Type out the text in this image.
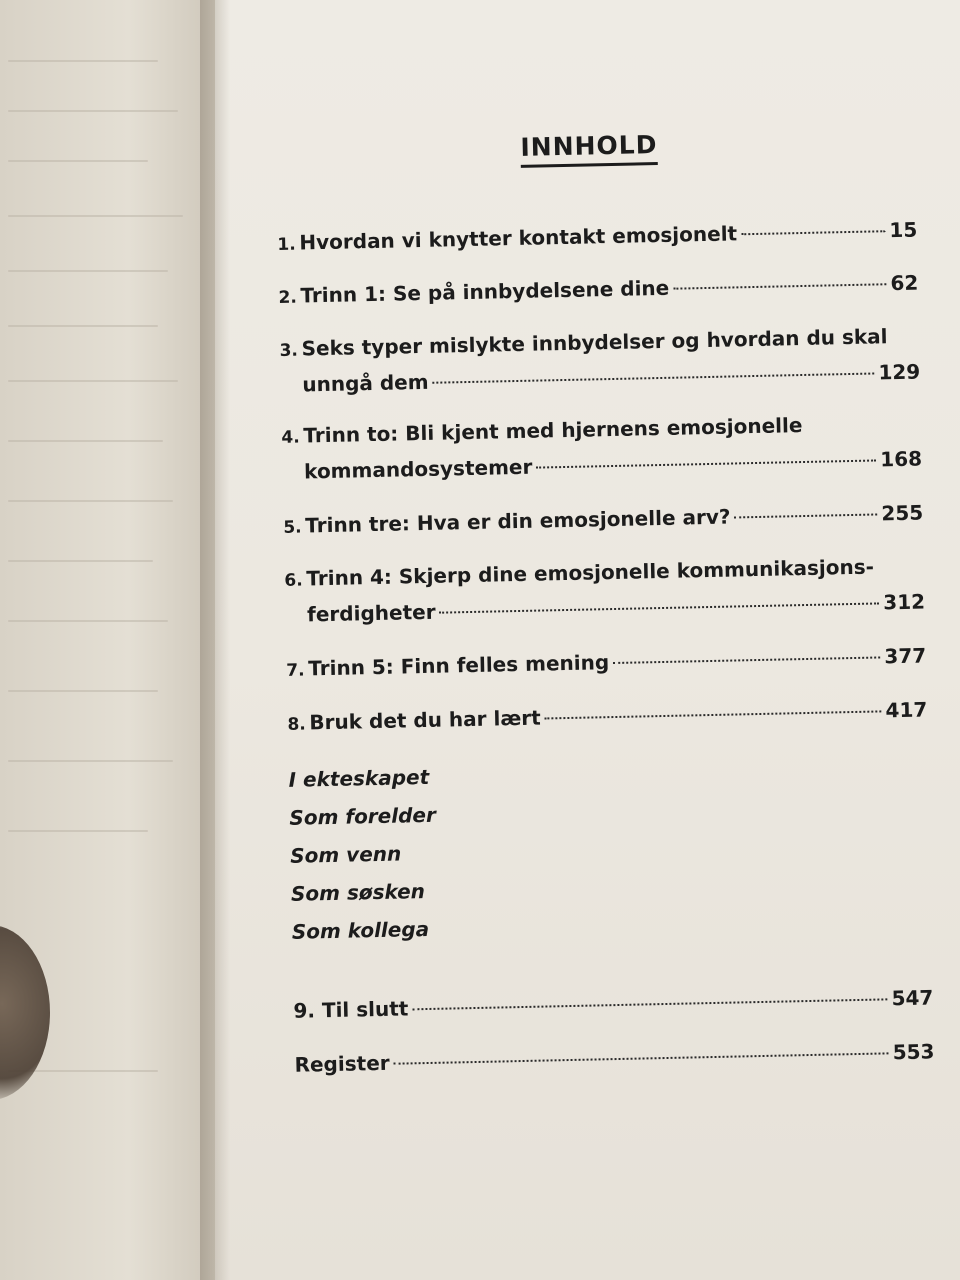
INNHOLD
1. Hvordan vi knytter kontakt emosjonelt	15
2. Trinn 1: Se på innbydelsene dine	62
3. Seks typer mislykte innbydelser og hvordan du skal
unngå dem	129
4. Trinn to: Bli kjent med hjernens emosjonelle
kommandosystemer	168
5. Trinn tre: Hva er din emosjonelle arv?	255
6. Trinn 4: Skjerp dine emosjonelle kommunikasjons-
ferdigheter	312
7. Trinn 5: Finn felles mening	377
8. Bruk det du har lært	417
I ekteskapet
Som forelder
Som venn
Som søsken
Som kollega
9. Til slutt	547
Register	553
